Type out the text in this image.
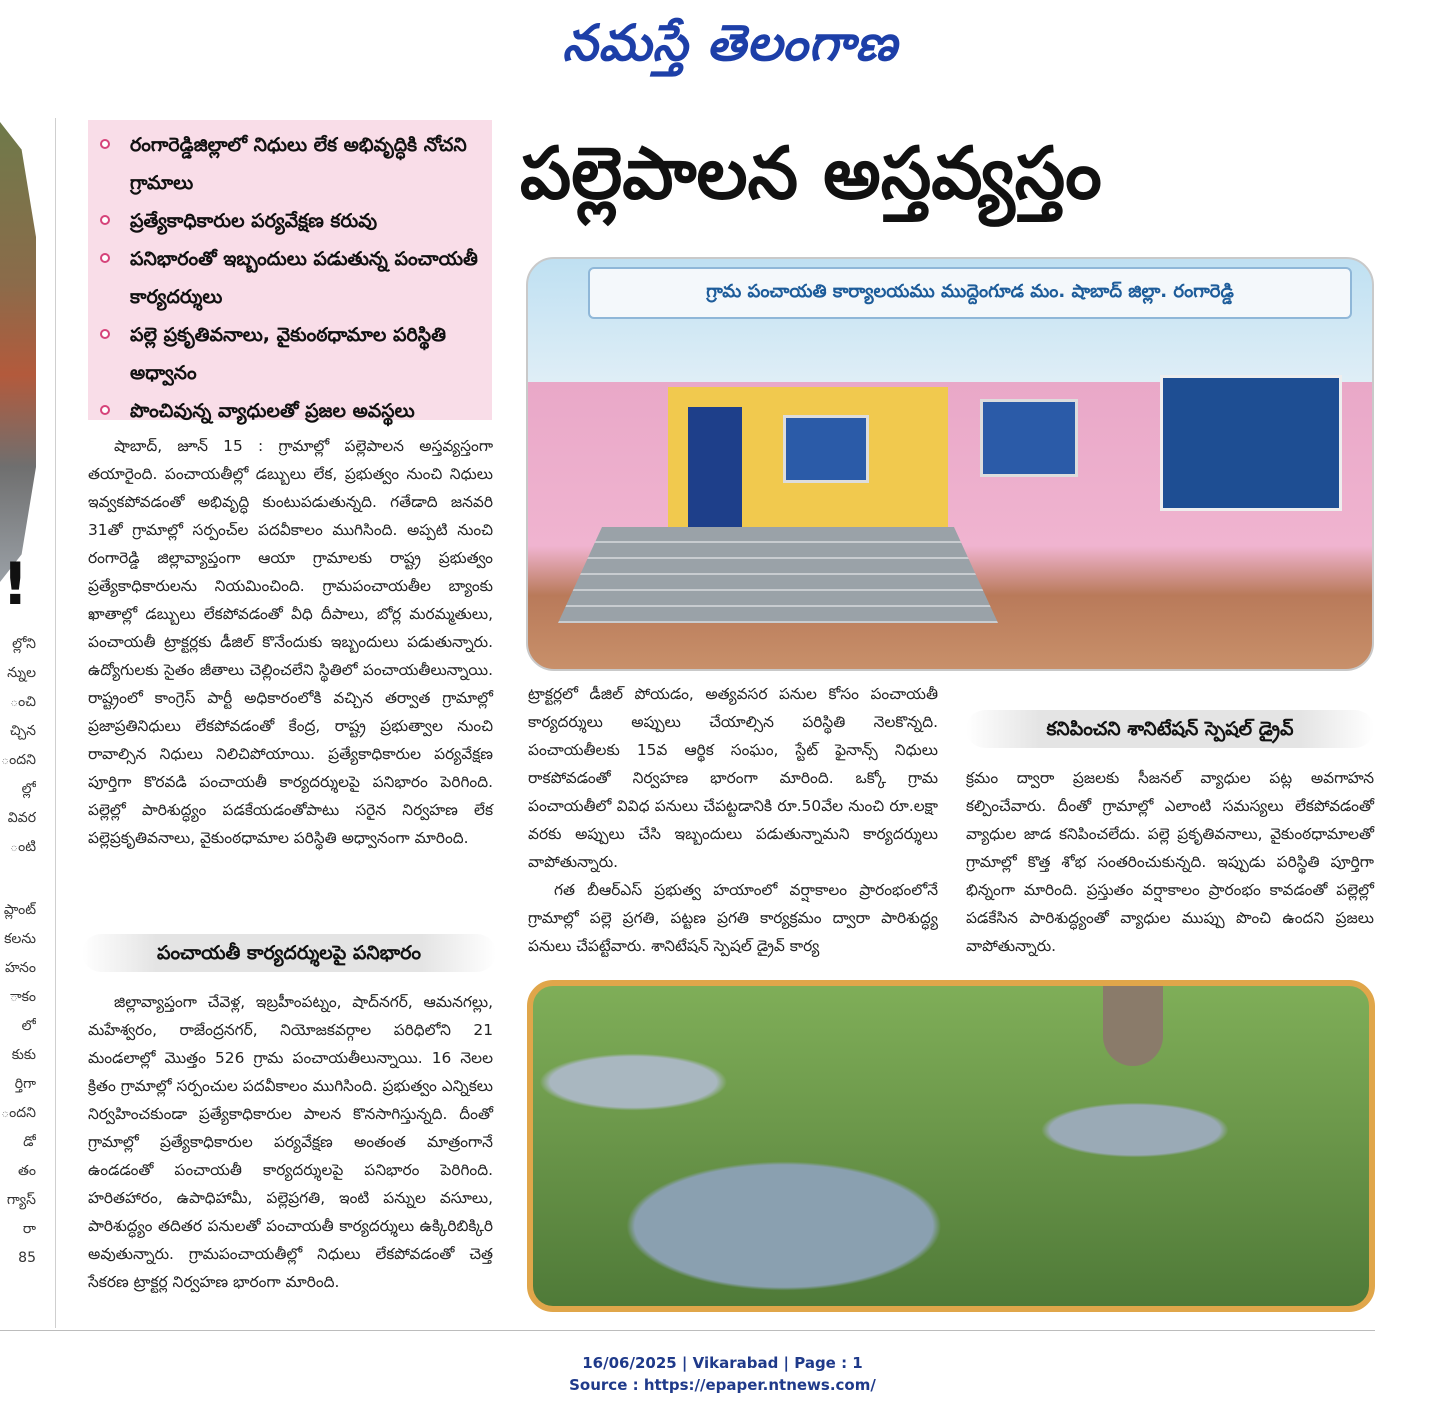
నమస్తే తెలంగాణ
!
ల్లోని
న్నుల
ంచి
చ్చిన
ందని
ల్లో
వివర
ంటి
ప్లాంట్
కలను
హనం
ాకం
లో
కుకు
ర్తిగా
ందని
డో
తం
గ్యాస్
రా
85
రంగారెడ్డిజిల్లాలో నిధులు లేక అభివృద్ధికి నోచని గ్రామాలు
ప్రత్యేకాధికారుల పర్యవేక్షణ కరువు
పనిభారంతో ఇబ్బందులు పడుతున్న పంచాయతీ కార్యదర్శులు
పల్లె ప్రకృతివనాలు, వైకుంఠధామాల పరిస్థితి అధ్వానం
పొంచివున్న వ్యాధులతో ప్రజల అవస్థలు
పల్లెపాలన అస్తవ్యస్తం
గ్రామ పంచాయతి కార్యాలయము ముద్దెంగూడ మం. షాబాద్ జిల్లా. రంగారెడ్డి

షాబాద్, జూన్ 15 : గ్రామాల్లో పల్లెపాలన అస్తవ్యస్తంగా తయారైంది. పంచాయతీల్లో డబ్బులు లేక, ప్రభుత్వం నుంచి నిధులు ఇవ్వకపోవడంతో అభివృద్ధి కుంటుపడుతున్నది. గతేడాది జనవరి 31తో గ్రామాల్లో సర్పంచ్‌ల పదవీకాలం ముగిసింది. అప్పటి నుంచి రంగారెడ్డి జిల్లావ్యాప్తంగా ఆయా గ్రామాలకు రాష్ట్ర ప్రభుత్వం ప్రత్యేకాధికారులను నియమించింది. గ్రామపంచాయతీల బ్యాంకు ఖాతాల్లో డబ్బులు లేకపోవడంతో వీధి దీపాలు, బోర్ల మరమ్మతులు, పంచాయతీ ట్రాక్టర్లకు డీజిల్ కొనేందుకు ఇబ్బందులు పడుతున్నారు. ఉద్యోగులకు సైతం జీతాలు చెల్లించలేని స్థితిలో పంచాయతీలున్నాయి. రాష్ట్రంలో కాంగ్రెస్ పార్టీ అధికారంలోకి వచ్చిన తర్వాత గ్రామాల్లో ప్రజాప్రతినిధులు లేకపోవడంతో కేంద్ర, రాష్ట్ర ప్రభుత్వాల నుంచి రావాల్సిన నిధులు నిలిచిపోయాయి. ప్రత్యేకాధికారుల పర్యవేక్షణ పూర్తిగా కొరవడి పంచాయతీ కార్యదర్శులపై పనిభారం పెరిగింది. పల్లెల్లో పారిశుద్ధ్యం పడకేయడంతోపాటు సరైన నిర్వహణ లేక పల్లెప్రకృతివనాలు, వైకుంఠధామాల పరిస్థితి అధ్వానంగా మారింది.

పంచాయతీ కార్యదర్శులపై పనిభారం

జిల్లావ్యాప్తంగా చేవెళ్ల, ఇబ్రహీంపట్నం, షాద్‌నగర్, ఆమనగల్లు, మహేశ్వరం, రాజేంద్రనగర్, నియోజకవర్గాల పరిధిలోని 21 మండలాల్లో మొత్తం 526 గ్రామ పంచాయతీలున్నాయి. 16 నెలల క్రితం గ్రామాల్లో సర్పంచుల పదవీకాలం ముగిసింది. ప్రభుత్వం ఎన్నికలు నిర్వహించకుండా ప్రత్యేకాధికారుల పాలన కొనసాగిస్తున్నది. దీంతో గ్రామాల్లో ప్రత్యేకాధికారుల పర్యవేక్షణ అంతంత మాత్రంగానే ఉండడంతో పంచాయతీ కార్యదర్శులపై పనిభారం పెరిగింది. హరితహారం, ఉపాధిహామీ, పల్లెప్రగతి, ఇంటి పన్నుల వసూలు, పారిశుద్ధ్యం తదితర పనులతో పంచాయతీ కార్యదర్శులు ఉక్కిరిబిక్కిరి అవుతున్నారు. గ్రామపంచాయతీల్లో నిధులు లేకపోవడంతో చెత్త సేకరణ ట్రాక్టర్ల నిర్వహణ భారంగా మారింది.

ట్రాక్టర్లలో డీజిల్ పోయడం, అత్యవసర పనుల కోసం పంచాయతీ కార్యదర్శులు అప్పులు చేయాల్సిన పరిస్థితి నెలకొన్నది. పంచాయతీలకు 15వ ఆర్థిక సంఘం, స్టేట్ ఫైనాన్స్ నిధులు రాకపోవడంతో నిర్వహణ భారంగా మారింది. ఒక్కో గ్రామ పంచాయతీలో వివిధ పనులు చేపట్టడానికి రూ.50వేల నుంచి రూ.లక్షా వరకు అప్పులు చేసి ఇబ్బందులు పడుతున్నామని కార్యదర్శులు వాపోతున్నారు.

గత బీఆర్‌ఎస్ ప్రభుత్వ హయాంలో వర్షాకాలం ప్రారంభంలోనే గ్రామాల్లో పల్లె ప్రగతి, పట్టణ ప్రగతి కార్యక్రమం ద్వారా పారిశుద్ధ్య పనులు చేపట్టేవారు. శానిటేషన్ స్పెషల్ డ్రైవ్ కార్య

కనిపించని శానిటేషన్ స్పెషల్ డ్రైవ్

క్రమం ద్వారా ప్రజలకు సీజనల్ వ్యాధుల పట్ల అవగాహన కల్పించేవారు. దీంతో గ్రామాల్లో ఎలాంటి సమస్యలు లేకపోవడంతో వ్యాధుల జాడ కనిపించలేదు. పల్లె ప్రకృతివనాలు, వైకుంఠధామాలతో గ్రామాల్లో కొత్త శోభ సంతరించుకున్నది. ఇప్పుడు పరిస్థితి పూర్తిగా భిన్నంగా మారింది. ప్రస్తుతం వర్షాకాలం ప్రారంభం కావడంతో పల్లెల్లో పడకేసిన పారిశుద్ధ్యంతో వ్యాధుల ముప్పు పొంచి ఉందని ప్రజలు వాపోతున్నారు.

16/06/2025 | Vikarabad | Page : 1
Source : https://epaper.ntnews.com/
